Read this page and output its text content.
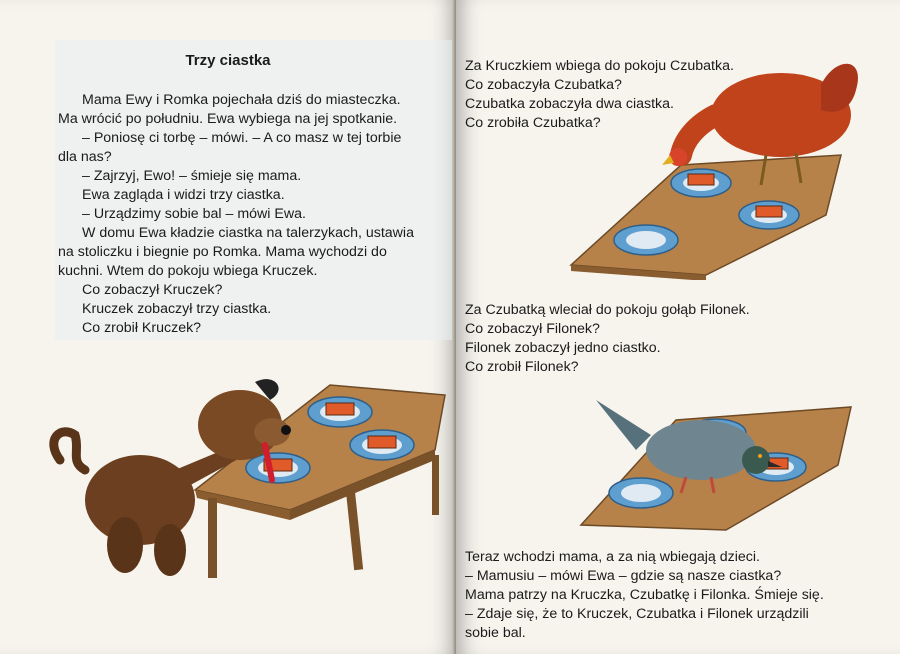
Trzy ciastka
Mama Ewy i Romka pojechała dziś do miasteczka.
Ma wrócić po południu. Ewa wybiega na jej spotkanie.
– Poniosę ci torbę – mówi. – A co masz w tej torbie
dla nas?
– Zajrzyj, Ewo! – śmieje się mama.
Ewa zagląda i widzi trzy ciastka.
– Urządzimy sobie bal – mówi Ewa.
W domu Ewa kładzie ciastka na talerzykach, ustawia
na stoliczku i biegnie po Romka. Mama wychodzi do
kuchni. Wtem do pokoju wbiega Kruczek.
Co zobaczył Kruczek?
Kruczek zobaczył trzy ciastka.
Co zrobił Kruczek?
Za Kruczkiem wbiega do pokoju Czubatka.
Co zobaczyła Czubatka?
Czubatka zobaczyła dwa ciastka.
Co zrobiła Czubatka?
Za Czubatką wleciał do pokoju gołąb Filonek.
Co zobaczył Filonek?
Filonek zobaczył jedno ciastko.
Co zrobił Filonek?
Teraz wchodzi mama, a za nią wbiegają dzieci.
– Mamusiu – mówi Ewa – gdzie są nasze ciastka?
Mama patrzy na Kruczka, Czubatkę i Filonka. Śmieje się.
– Zdaje się, że to Kruczek, Czubatka i Filonek urządzili
sobie bal.
